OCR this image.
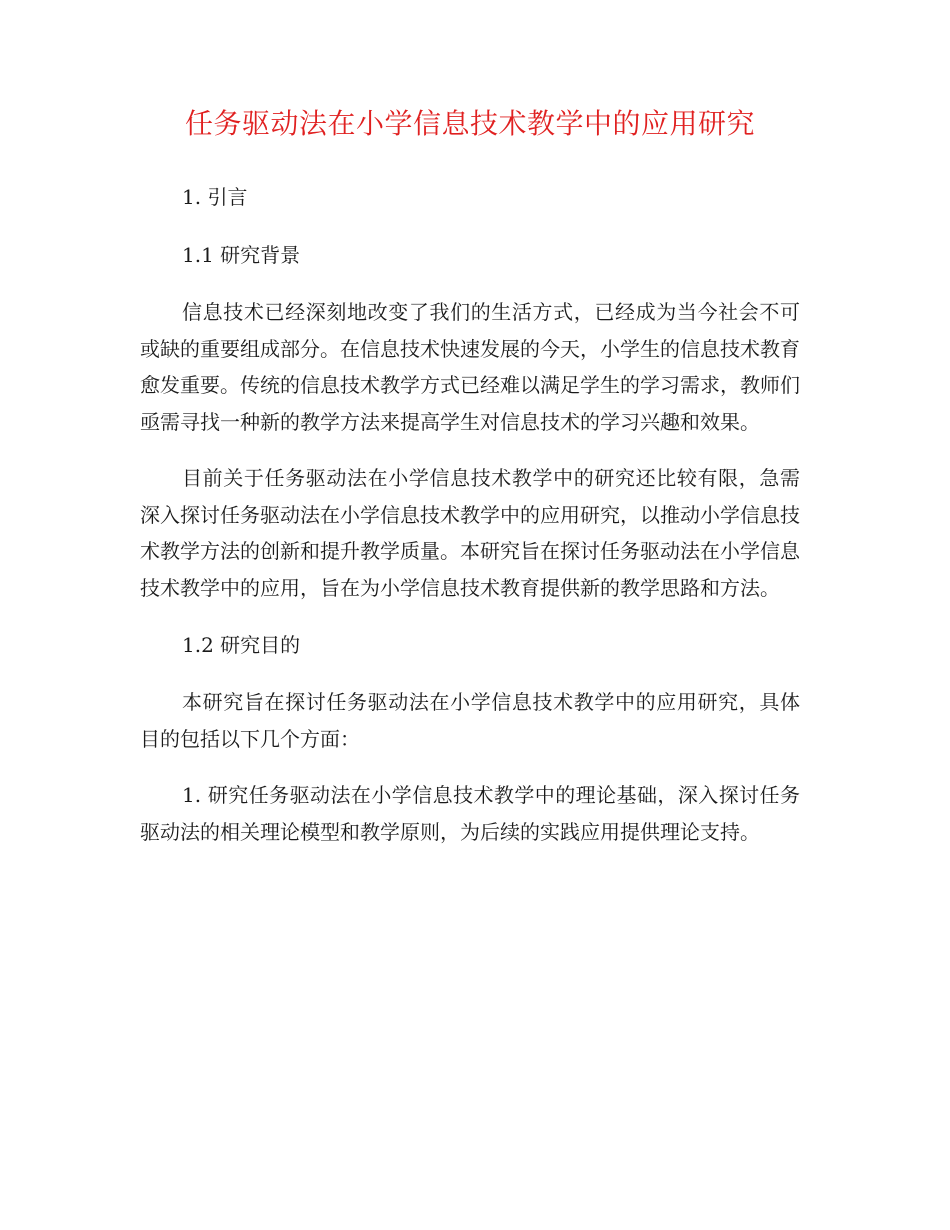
任务驱动法在小学信息技术教学中的应用研究

1. 引言

1.1 研究背景

信息技术已经深刻地改变了我们的生活方式，已经成为当今社会不可或缺的重要组成部分。在信息技术快速发展的今天，小学生的信息技术教育愈发重要。传统的信息技术教学方式已经难以满足学生的学习需求，教师们亟需寻找一种新的教学方法来提高学生对信息技术的学习兴趣和效果。

目前关于任务驱动法在小学信息技术教学中的研究还比较有限，急需深入探讨任务驱动法在小学信息技术教学中的应用研究，以推动小学信息技术教学方法的创新和提升教学质量。本研究旨在探讨任务驱动法在小学信息技术教学中的应用，旨在为小学信息技术教育提供新的教学思路和方法。

1.2 研究目的

本研究旨在探讨任务驱动法在小学信息技术教学中的应用研究，具体目的包括以下几个方面：

1. 研究任务驱动法在小学信息技术教学中的理论基础，深入探讨任务驱动法的相关理论模型和教学原则，为后续的实践应用提供理论支持。
